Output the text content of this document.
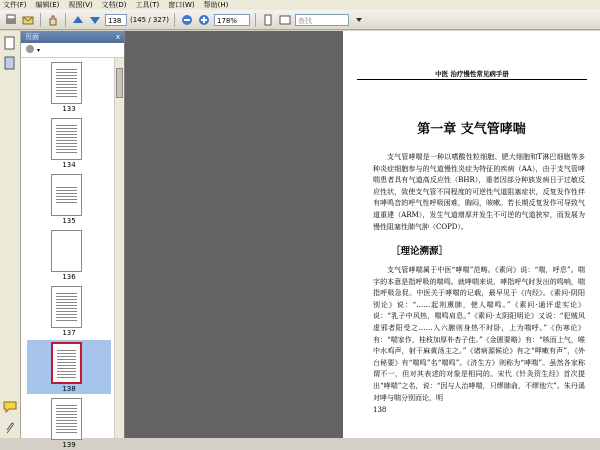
文件(F) 编辑(E) 视图(V) 文档(D) 工具(T) 窗口(W) 帮助(H)
138	(145 / 327)	178%	查找
页面	x
▾
133
134
135
136
137
138
139
中医 治疗慢性常见病手册
第一章 支气管哮喘
支气管哮喘是一种以嗜酸性粒细胞、肥大细胞和T淋巴细胞等多种炎症细胞参与的气道慢性炎症为特征的疾病（AA），由于支气管哮喘患者具有气道高反应性（BHR），重者因部分种族发病日于过敏反应性状，致使支气管不同程度的可逆性气道阻塞症状，反复发作性伴有哮鸣音的呼气性呼吸困难，胸闷，咳嗽。若长期反复发作可导致气道重建（ARM），发生气道增厚并发生不可逆的气道狭窄，而发展为慢性阻塞性肺气肿（COPD）。
［理论溯源］
支气管哮喘属于中医“哮喘”范畴。《素问》说：“喘，呼息”。喘字的本意是指呼吸的喘鸣。就哮喘来说，哮指呼气时发出的鸣响，喘指呼吸急促。中医关于哮喘的记载，最早见于《内经》。《素问·阴阳别论》说：“……起则熏肺，使人喘鸣。”《素问·通评虚实论》说：“乳子中风热，喘鸣肩息。”《素问·太阴阳明论》又说：“犯贼风虚邪者阳受之……入六腑则身热不时卧，上为喘呼。”《伤寒论》有：“喘家作，桂枝加厚朴杏子佳。”《金匮要略》有：“咳而上气，喉中水鸡声，射干麻黄汤主之。”《诸病源候论》有之“呷嗽有声”，《外台秘要》有“喘鸣”名“喘鸣”。《济生方》则称为“哮喘”。虽然各家称谓不一，但对其表述的对象是相同的。宋代《针灸资生经》首次提出“哮喘”之名，说：“因与人治哮喘，只缪肺俞，不缪他穴”。朱丹溪对哮与喘分别而论，明
138
